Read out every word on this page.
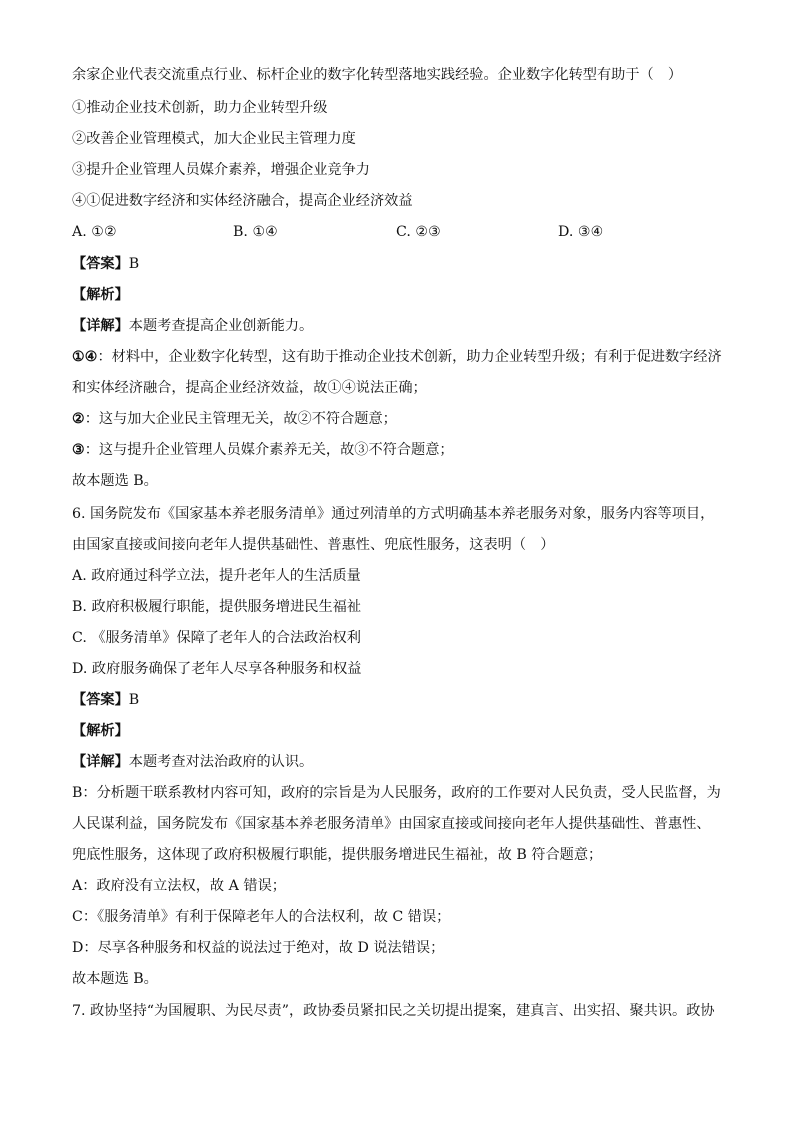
余家企业代表交流重点行业、标杆企业的数字化转型落地实践经验。企业数字化转型有助于（　）
①推动企业技术创新，助力企业转型升级
②改善企业管理模式，加大企业民主管理力度
③提升企业管理人员媒介素养，增强企业竞争力
④①促进数字经济和实体经济融合，提高企业经济效益
A. ①②	B. ①④	C. ②③	D. ③④
【答案】B
【解析】
【详解】本题考查提高企业创新能力。
①④：材料中，企业数字化转型，这有助于推动企业技术创新，助力企业转型升级；有利于促进数字经济
和实体经济融合，提高企业经济效益，故①④说法正确；
②：这与加大企业民主管理无关，故②不符合题意；
③：这与提升企业管理人员媒介素养无关，故③不符合题意；
故本题选 B。
6. 国务院发布《国家基本养老服务清单》通过列清单的方式明确基本养老服务对象，服务内容等项目，
由国家直接或间接向老年人提供基础性、普惠性、兜底性服务，这表明（　）
A. 政府通过科学立法，提升老年人的生活质量
B. 政府积极履行职能，提供服务增进民生福祉
C. 《服务清单》保障了老年人的合法政治权利
D. 政府服务确保了老年人尽享各种服务和权益
【答案】B
【解析】
【详解】本题考查对法治政府的认识。
B：分析题干联系教材内容可知，政府的宗旨是为人民服务，政府的工作要对人民负责，受人民监督，为
人民谋利益，国务院发布《国家基本养老服务清单》由国家直接或间接向老年人提供基础性、普惠性、
兜底性服务，这体现了政府积极履行职能，提供服务增进民生福祉，故 B 符合题意；
A：政府没有立法权，故 A 错误；
C：《服务清单》有利于保障老年人的合法权利，故 C 错误；
D：尽享各种服务和权益的说法过于绝对，故 D 说法错误；
故本题选 B。
7. 政协坚持“为国履职、为民尽责”，政协委员紧扣民之关切提出提案，建真言、出实招、聚共识。政协
